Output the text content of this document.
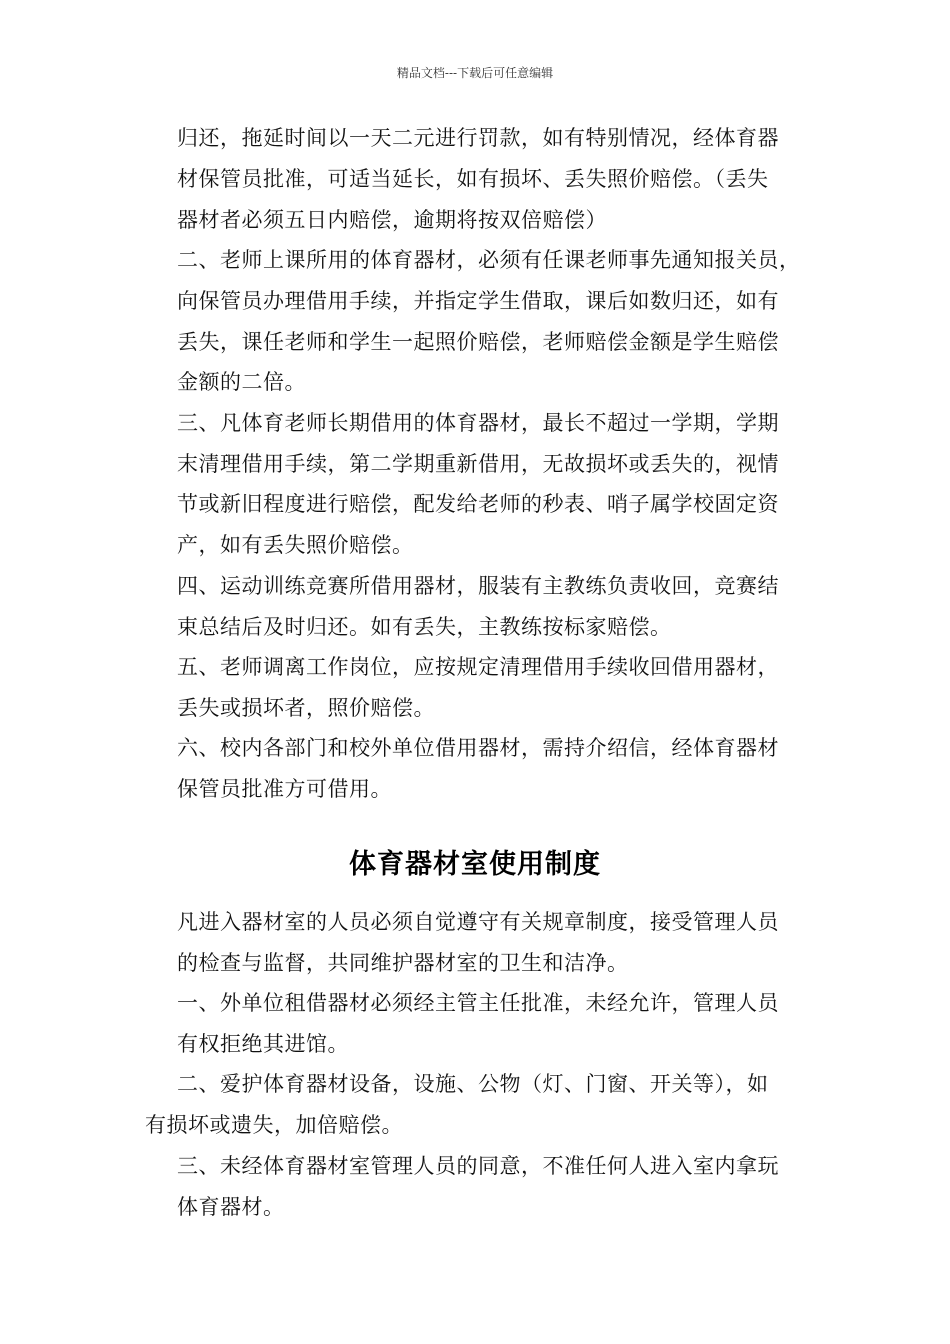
精品文档---下载后可任意编辑
归还，拖延时间以一天二元进行罚款，如有特别情况，经体育器
材保管员批准，可适当延长，如有损坏、丢失照价赔偿。（丢失
器材者必须五日内赔偿，逾期将按双倍赔偿）
二、老师上课所用的体育器材，必须有任课老师事先通知报关员，
向保管员办理借用手续，并指定学生借取，课后如数归还，如有
丢失，课任老师和学生一起照价赔偿，老师赔偿金额是学生赔偿
金额的二倍。
三、凡体育老师长期借用的体育器材，最长不超过一学期，学期
末清理借用手续，第二学期重新借用，无故损坏或丢失的，视情
节或新旧程度进行赔偿，配发给老师的秒表、哨子属学校固定资
产，如有丢失照价赔偿。
四、运动训练竞赛所借用器材，服装有主教练负责收回，竞赛结
束总结后及时归还。如有丢失，主教练按标家赔偿。
五、老师调离工作岗位，应按规定清理借用手续收回借用器材，
丢失或损坏者，照价赔偿。
六、校内各部门和校外单位借用器材，需持介绍信，经体育器材
保管员批准方可借用。
体育器材室使用制度
凡进入器材室的人员必须自觉遵守有关规章制度，接受管理人员
的检查与监督，共同维护器材室的卫生和洁净。
一、外单位租借器材必须经主管主任批准，未经允许，管理人员
有权拒绝其进馆。
二、爱护体育器材设备，设施、公物（灯、门窗、开关等），如
有损坏或遗失，加倍赔偿。
三、未经体育器材室管理人员的同意，不准任何人进入室内拿玩
体育器材。
